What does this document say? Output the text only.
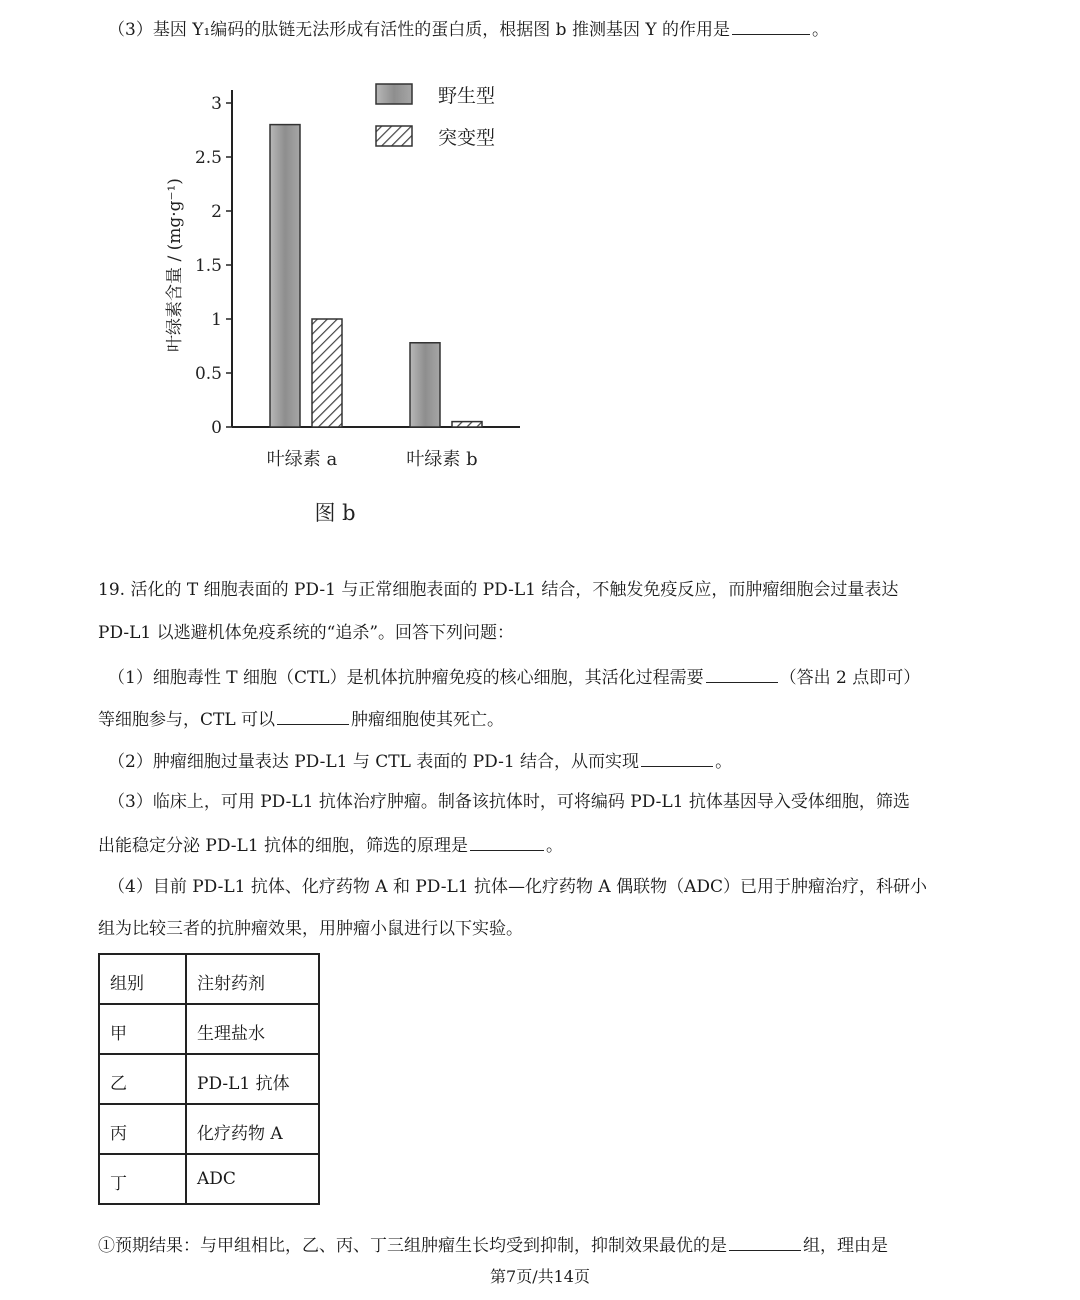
（3）基因 Y₁编码的肽链无法形成有活性的蛋白质，根据图 b 推测基因 Y 的作用是	。
0
0.5
1
1.5
2
2.5
3
叶绿素含量 / (mg·g⁻¹)
叶绿素 a	叶绿素 b
野生型
突变型
图 b
19. 活化的 T 细胞表面的 PD-1 与正常细胞表面的 PD-L1 结合，不触发免疫反应，而肿瘤细胞会过量表达
PD-L1 以逃避机体免疫系统的“追杀”。回答下列问题：
（1）细胞毒性 T 细胞（CTL）是机体抗肿瘤免疫的核心细胞，其活化过程需要	（答出 2 点即可）
等细胞参与，CTL 可以	肿瘤细胞使其死亡。
（2）肿瘤细胞过量表达 PD-L1 与 CTL 表面的 PD-1 结合，从而实现	。
（3）临床上，可用 PD-L1 抗体治疗肿瘤。制备该抗体时，可将编码 PD-L1 抗体基因导入受体细胞，筛选
出能稳定分泌 PD-L1 抗体的细胞，筛选的原理是	。
（4）目前 PD-L1 抗体、化疗药物 A 和 PD-L1 抗体—化疗药物 A 偶联物（ADC）已用于肿瘤治疗，科研小
组为比较三者的抗肿瘤效果，用肿瘤小鼠进行以下实验。
组别	注射药剂
甲	生理盐水
乙	PD-L1 抗体
丙	化疗药物 A
丁	ADC
①预期结果：与甲组相比，乙、丙、丁三组肿瘤生长均受到抑制，抑制效果最优的是	组，理由是
第7页/共14页
